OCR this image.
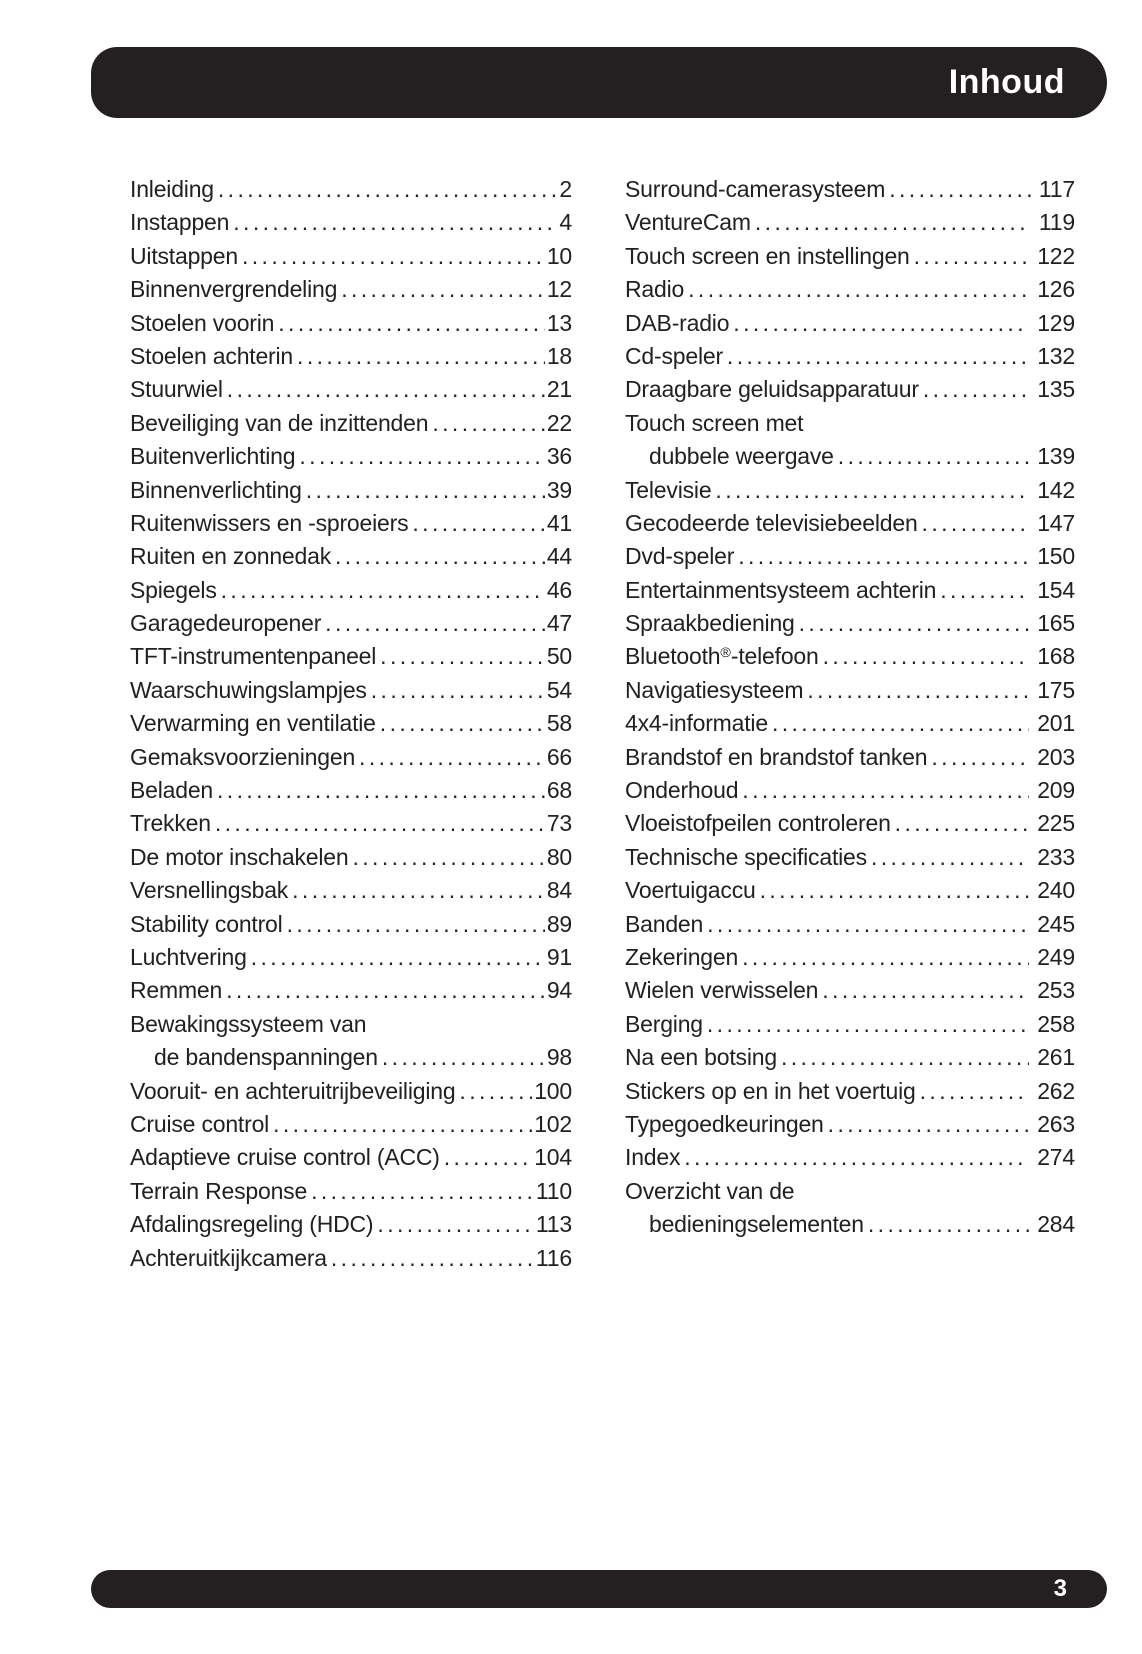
Inhoud
Inleiding .....	2
Instappen .....	4
Uitstappen .....	10
Binnenvergrendeling .....	12
Stoelen voorin .....	13
Stoelen achterin .....	18
Stuurwiel .....	21
Beveiliging van de inzittenden .....	22
Buitenverlichting .....	36
Binnenverlichting .....	39
Ruitenwissers en -sproeiers .....	41
Ruiten en zonnedak .....	44
Spiegels .....	46
Garagedeuropener .....	47
TFT-instrumentenpaneel .....	50
Waarschuwingslampjes .....	54
Verwarming en ventilatie .....	58
Gemaksvoorzieningen .....	66
Beladen .....	68
Trekken .....	73
De motor inschakelen .....	80
Versnellingsbak .....	84
Stability control .....	89
Luchtvering .....	91
Remmen .....	94
Bewakingssysteem van
de bandenspanningen .....	98
Vooruit- en achteruitrijbeveiliging .....	100
Cruise control .....	102
Adaptieve cruise control (ACC) .....	104
Terrain Response .....	110
Afdalingsregeling (HDC) .....	113
Achteruitkijkcamera .....	116
Surround-camerasysteem .....	117
VentureCam .....	119
Touch screen en instellingen .....	122
Radio .....	126
DAB-radio .....	129
Cd-speler .....	132
Draagbare geluidsapparatuur .....	135
Touch screen met
dubbele weergave .....	139
Televisie .....	142
Gecodeerde televisiebeelden .....	147
Dvd-speler .....	150
Entertainmentsysteem achterin .....	154
Spraakbediening .....	165
Bluetooth®-telefoon .....	168
Navigatiesysteem .....	175
4x4-informatie .....	201
Brandstof en brandstof tanken .....	203
Onderhoud .....	209
Vloeistofpeilen controleren .....	225
Technische specificaties .....	233
Voertuigaccu .....	240
Banden .....	245
Zekeringen .....	249
Wielen verwisselen .....	253
Berging .....	258
Na een botsing .....	261
Stickers op en in het voertuig .....	262
Typegoedkeuringen .....	263
Index .....	274
Overzicht van de
bedieningselementen .....	284
3
